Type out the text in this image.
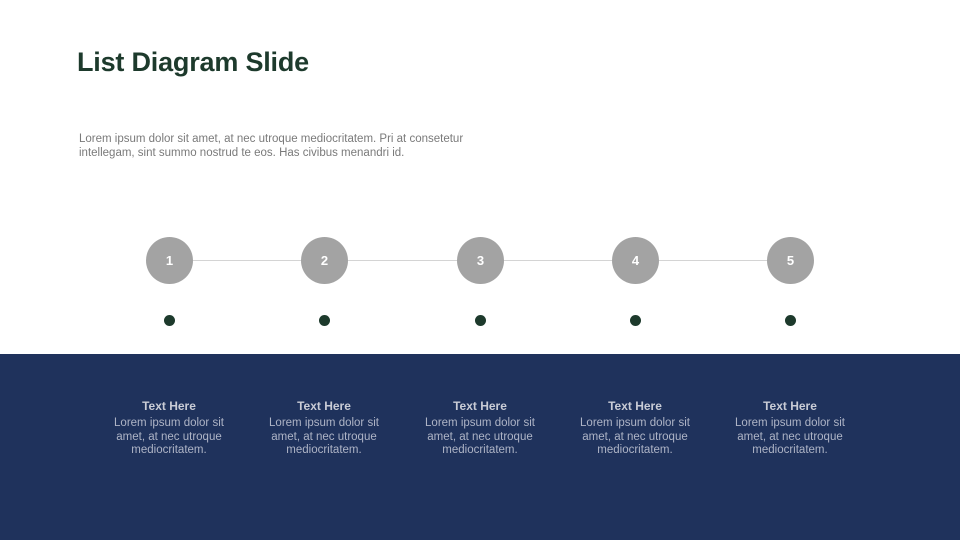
List Diagram Slide

Lorem ipsum dolor sit amet, at nec utroque mediocritatem. Pri at consetetur intellegam, sint summo nostrud te eos. Has civibus menandri id.

1
Text Here
Lorem ipsum dolor sit amet, at nec utroque mediocritatem.
2
Text Here
Lorem ipsum dolor sit amet, at nec utroque mediocritatem.
3
Text Here
Lorem ipsum dolor sit amet, at nec utroque mediocritatem.
4
Text Here
Lorem ipsum dolor sit amet, at nec utroque mediocritatem.
5
Text Here
Lorem ipsum dolor sit amet, at nec utroque mediocritatem.
